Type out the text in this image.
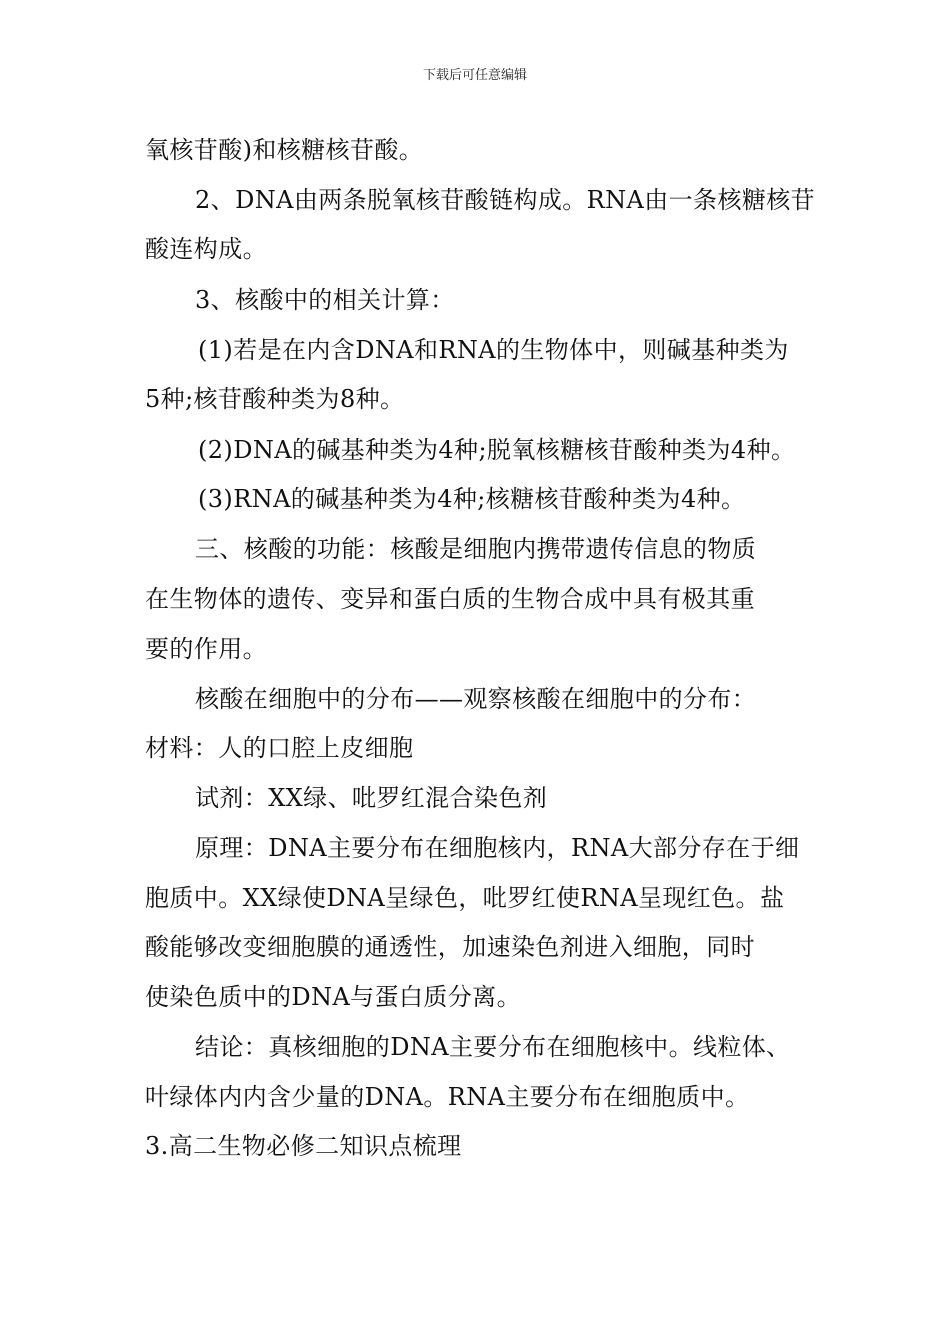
下载后可任意编辑
氧核苷酸)和核糖核苷酸。
2、DNA由两条脱氧核苷酸链构成。RNA由一条核糖核苷
酸连构成。
3、核酸中的相关计算：
(1)若是在内含DNA和RNA的生物体中，则碱基种类为
5种;核苷酸种类为8种。
(2)DNA的碱基种类为4种;脱氧核糖核苷酸种类为4种。
(3)RNA的碱基种类为4种;核糖核苷酸种类为4种。
三、核酸的功能：核酸是细胞内携带遗传信息的物质
在生物体的遗传、变异和蛋白质的生物合成中具有极其重
要的作用。
核酸在细胞中的分布——观察核酸在细胞中的分布：
材料：人的口腔上皮细胞
试剂：XX绿、吡罗红混合染色剂
原理：DNA主要分布在细胞核内，RNA大部分存在于细
胞质中。XX绿使DNA呈绿色，吡罗红使RNA呈现红色。盐
酸能够改变细胞膜的通透性，加速染色剂进入细胞，同时
使染色质中的DNA与蛋白质分离。
结论：真核细胞的DNA主要分布在细胞核中。线粒体、
叶绿体内内含少量的DNA。RNA主要分布在细胞质中。
3.高二生物必修二知识点梳理
